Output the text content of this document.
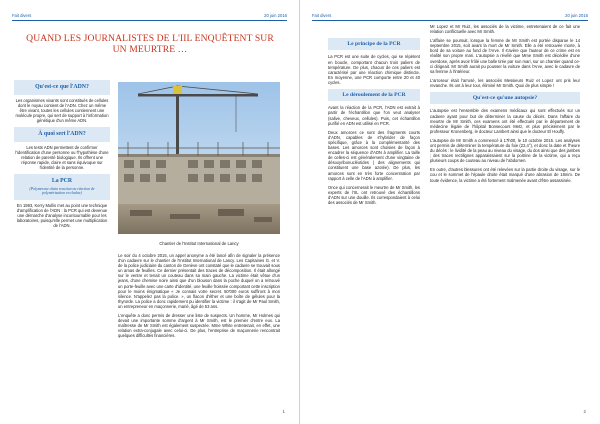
Fait divers	20 juin 2016
QUAND LES JOURNALISTES DE L'IIL ENQUÊTENT SUR UN MEURTRE …
Qu'est-ce que l'ADN?
Les organismes vivants sont constitués de cellules dont le noyau contient de l'ADN. Chez un même être vivant, toutes les cellules contiennent une molécule propre, qui sert de support à l'information génétique d'un même ADN.
À quoi sert l'ADN?
Les tests ADN permettent de confirmer l'identification d'une personne ou l'hypothèse d'une relation de parenté biologique. Ils offrent une réponse rapide, claire et sans équivoque sur l'identité de la personne.
La PCR
(Polymerase chain reaction ou réaction de polymérisation en chaîne)
En 1983, Kerry Mullis met au point une technique d'amplification de l'ADN : la PCR qui est devenue une démarche d'analyse incontournable pour les laboratoires, puisqu'elle permet une multiplication de l'ADN.
Chantier de l'Institut International de Lancy

Le soir du 4 octobre 2015, un appel anonyme a été lancé afin de signaler la présence d'un cadavre sur le chantier de l'Institut International de Lancy. Les Capitaines G. et V. de la police judiciaire du canton de Genève ont constaté que le cadavre se trouvait sous un amas de feuilles. Ce dernier présentait des traces de décomposition. Il était allongé sur le ventre et tenait un couteau dans sa main gauche. La victime était vêtue d'un jeans, d'une chemise noire ainsi que d'un blouson dans la poche duquel on a retrouvé un porte-feuille avec une carte d'identité, une feuille froissée comportant cette inscription pour le moins énigmatique « Je connais votre secret. 50'000 euros suffiront à mon silence. N'appelez pas la police. », un flacon d'éther et une boîte de gélules pour la thyroïde. La police a donc rapidement pu identifier la victime : il s'agit de Mr Paul Smith, un entrepreneur en maçonnerie, marié, âgé de 53 ans.

L'enquête a donc permis de dresser une liste de suspects. Un homme, Mr Holmes qui devait une importante somme d'argent à Mr Smith, est le premier d'entre eux. La maîtresse de Mr Smith est également suspectée. Mme White entretenait, en effet, une relation extra-conjugale avec celui-ci. De plus, l'entreprise de maçonnerie rencontrait quelques difficultés financières.

1
Fait divers	20 juin 2016
Le principe de la PCR

La PCR est une suite de cycles, qui se répètent en boucle, comportant chacun trois paliers de température. De plus, chacun de ces paliers est caractérisé par une réaction chimique distincte. En moyenne, une PCR comporte entre 20 et 40 cycles.

Le déroulement de la PCR

Avant la réaction de la PCR, l'ADN est extrait à partir de l'échantillon que l'on veut analyser (salive, cheveux, cellules). Puis, cet échantillon purifié en ADN est utilisé en PCR.

Deux amorces ce sont des fragments courts d'ADN, capables de s'hybrider de façon spécifique, grâce à la complémentarité des bases. Les amorces sont choisies de façon à encadrer la séquence d'ADN à amplifier. La taille de celles-ci est généralement d'une vingtaine de désoxyribonucléotides ( des alignements qui constituent une base azotée). De plus, les amorces sont en très forte concentration par rapport à celle de l'ADN à amplifier.

Once qui concernerait le meurtre de Mr Smith, les experts de l'IIL ont retrouvé des échantillons d'ADN sur une douille. Ils correspondaient à celui des associés de Mr Smith.

Mr Lopez et Mr Ruiz, les associés de la victime, entretenaient de ce fait une relation conflictuelle avec Mr Smith.

L'affaire se poursuit, lorsque la femme de Mr Smith est portée disparue le 14 septembre 2015, soit avant la mort de Mr Smith. Elle a été retrouvée morte, à bord de sa voiture au fond de l'Arve. Il s'avère que l'auteur de ce crime est en réalité son propre mari. L'autopsie a révélé que Mme Smith est décédée d'une overdose, après avoir frôlé une balle tirée par son mari, sur un chantier quand ce-ci dirigeait. Mr Smith aurait pu pousser la voiture dans l'Arve, avec le cadavre de sa femme à l'intérieur.

L'arroseur était l'arrosé, les associés Messieurs Ruiz et Lopez ont pris leur revanche. Ils ont à leur tour, éliminé Mr Smith. Quoi de plus simple !

Qu'est-ce qu'une autopsie?

L'autopsie est l'ensemble des examens médicaux qui sont effectués sur un cadavre ayant pour but de déterminer la cause du décès. Dans l'affaire du meurtre de Mr Smith, ces examens ont été effectués par le département de médecine légale de l'hôpital Bonsecours Metz, et plus précisément par le professeur Kronenberg, le docteur Lambert ainsi que le docteur El Houffy.

L'autopsie de Mr Smith a commencé à 17h00, le 10 octobre 2015. Les analyses ont permis de déterminer la température du foie (22,4°), et donc la date et l'heure du décès : le lividité de la peau au niveau du visage, du dos ainsi que des jambes ; des traces rectilignes apparaissaient sur la poitrine de la victime, qui a reçu plusieurs coups de couteau au niveau de l'abdomen.

En outre, d'autres blessures ont été relevées sur la partie droite du visage, sur le cou et le sommet de l'épaule droite était marqué d'une abrasion de 18mm. De toute évidence, la victime a été fortement malmenée avant d'être assassinée.

2
